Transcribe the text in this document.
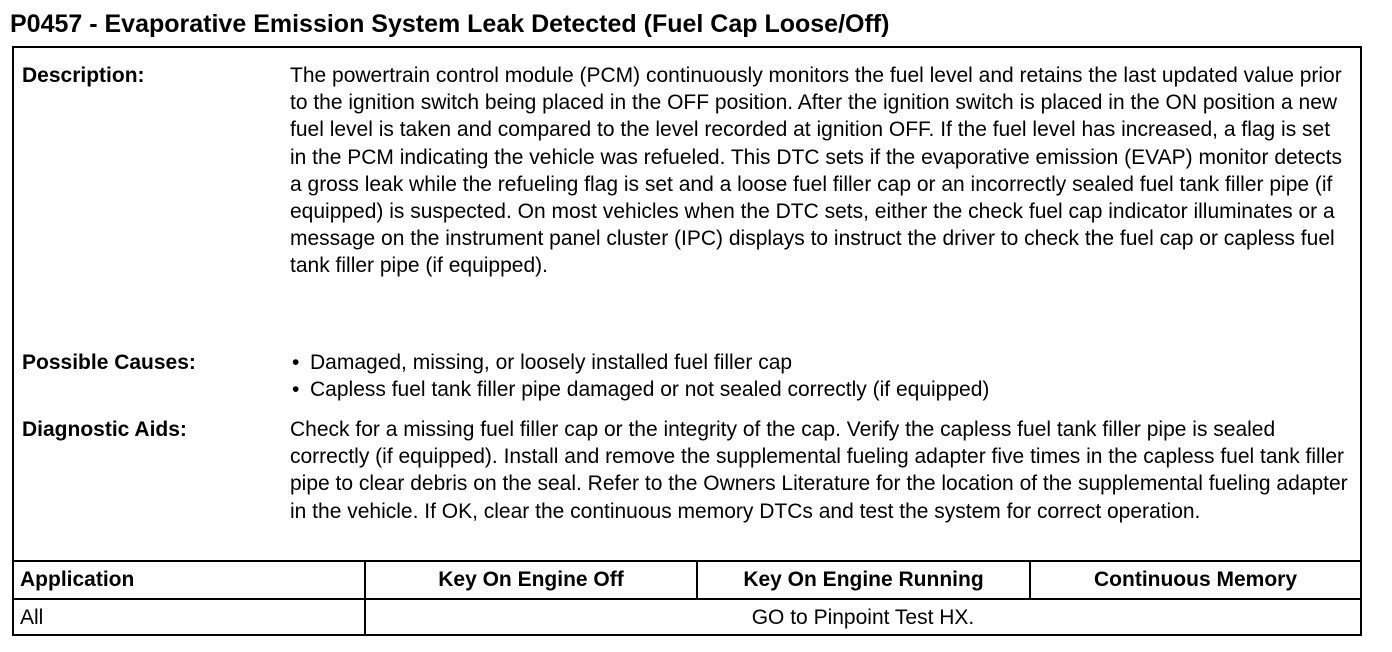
P0457 - Evaporative Emission System Leak Detected (Fuel Cap Loose/Off)
Description:	The powertrain control module (PCM) continuously monitors the fuel level and retains the last updated value prior to the ignition switch being placed in the OFF position. After the ignition switch is placed in the ON position a new fuel level is taken and compared to the level recorded at ignition OFF. If the fuel level has increased, a flag is set in the PCM indicating the vehicle was refueled. This DTC sets if the evaporative emission (EVAP) monitor detects a gross leak while the refueling flag is set and a loose fuel filler cap or an incorrectly sealed fuel tank filler pipe (if equipped) is suspected. On most vehicles when the DTC sets, either the check fuel cap indicator illuminates or a message on the instrument panel cluster (IPC) displays to instruct the driver to check the fuel cap or capless fuel tank filler pipe (if equipped).

Possible Causes:
•	Damaged, missing, or loosely installed fuel filler cap
• Capless fuel tank filler pipe damaged or not sealed correctly (if equipped)
Diagnostic Aids:	Check for a missing fuel filler cap or the integrity of the cap. Verify the capless fuel tank filler pipe is sealed correctly (if equipped). Install and remove the supplemental fueling adapter five times in the capless fuel tank filler pipe to clear debris on the seal. Refer to the Owners Literature for the location of the supplemental fueling adapter in the vehicle. If OK, clear the continuous memory DTCs and test the system for correct operation.

Application	Key On Engine Off	Key On Engine Running	Continuous Memory
All	GO to Pinpoint Test HX.
